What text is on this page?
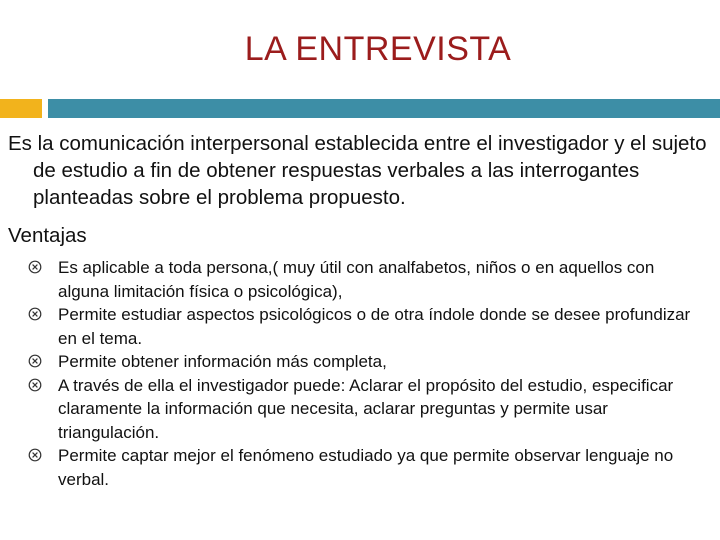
LA ENTREVISTA

Es la comunicación interpersonal establecida entre el investigador y el sujeto de estudio a fin de obtener respuestas verbales a las interrogantes planteadas sobre el problema propuesto.

Ventajas
Es aplicable a toda persona,( muy útil con analfabetos, niños o en aquellos con alguna limitación física o psicológica),
Permite estudiar aspectos psicológicos o de otra índole donde se desee profundizar en el tema.
Permite obtener información más completa,
A través de ella el investigador puede: Aclarar el propósito del estudio, especificar claramente la información que necesita, aclarar preguntas y permite usar triangulación.
Permite captar mejor el fenómeno estudiado ya que permite observar lenguaje no verbal.
